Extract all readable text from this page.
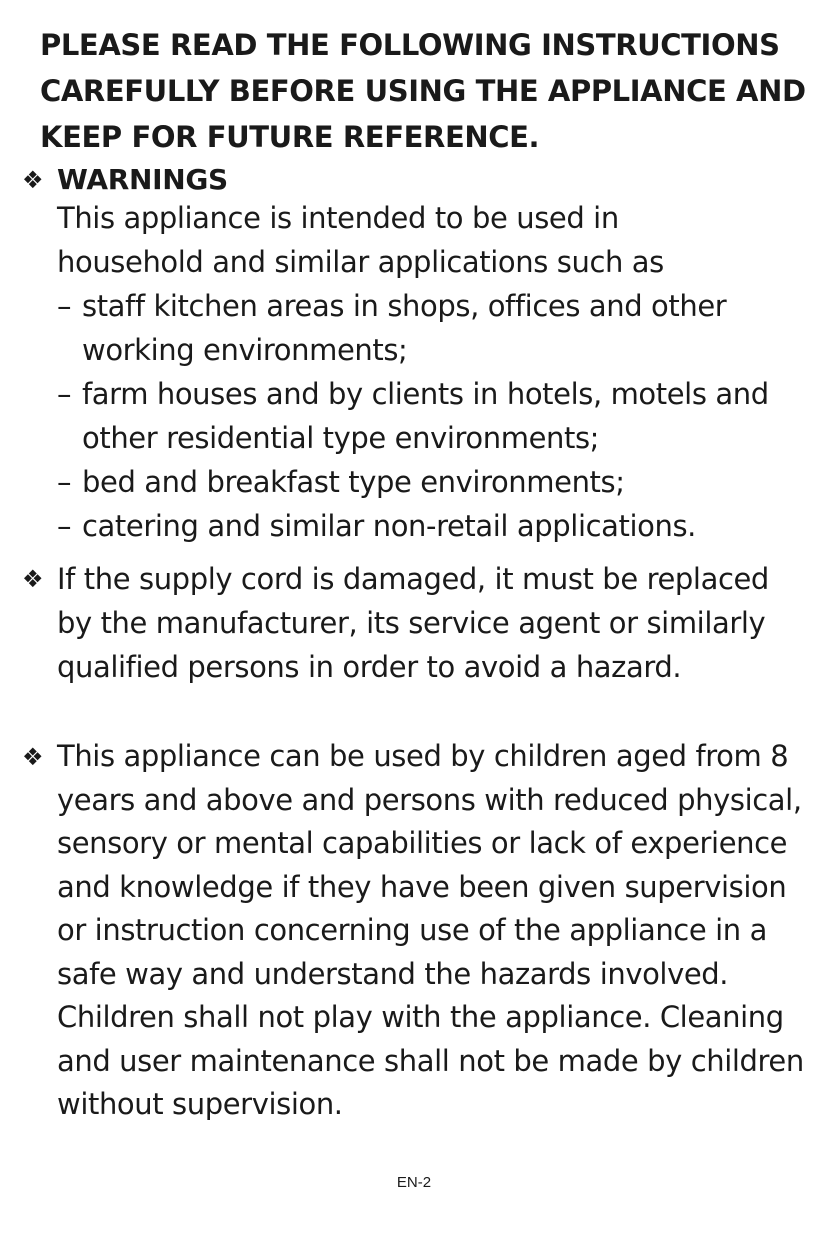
PLEASE READ THE FOLLOWING INSTRUCTIONS CAREFULLY BEFORE USING THE APPLIANCE AND KEEP FOR FUTURE REFERENCE.
❖ WARNINGS

This appliance is intended to be used in household and similar applications such as

– staff kitchen areas in shops, offices and other working environments;
– farm houses and by clients in hotels, motels and other residential type environments;
– bed and breakfast type environments;
– catering and similar non-retail applications.
❖ If the supply cord is damaged, it must be replaced by the manufacturer, its service agent or similarly qualified persons in order to avoid a hazard.

❖ This appliance can be used by children aged from 8 years and above and persons with reduced physical, sensory or mental capabilities or lack of experience and knowledge if they have been given supervision or instruction concerning use of the appliance in a safe way and understand the hazards involved. Children shall not play with the appliance. Cleaning and user maintenance shall not be made by children without supervision.

EN-2
